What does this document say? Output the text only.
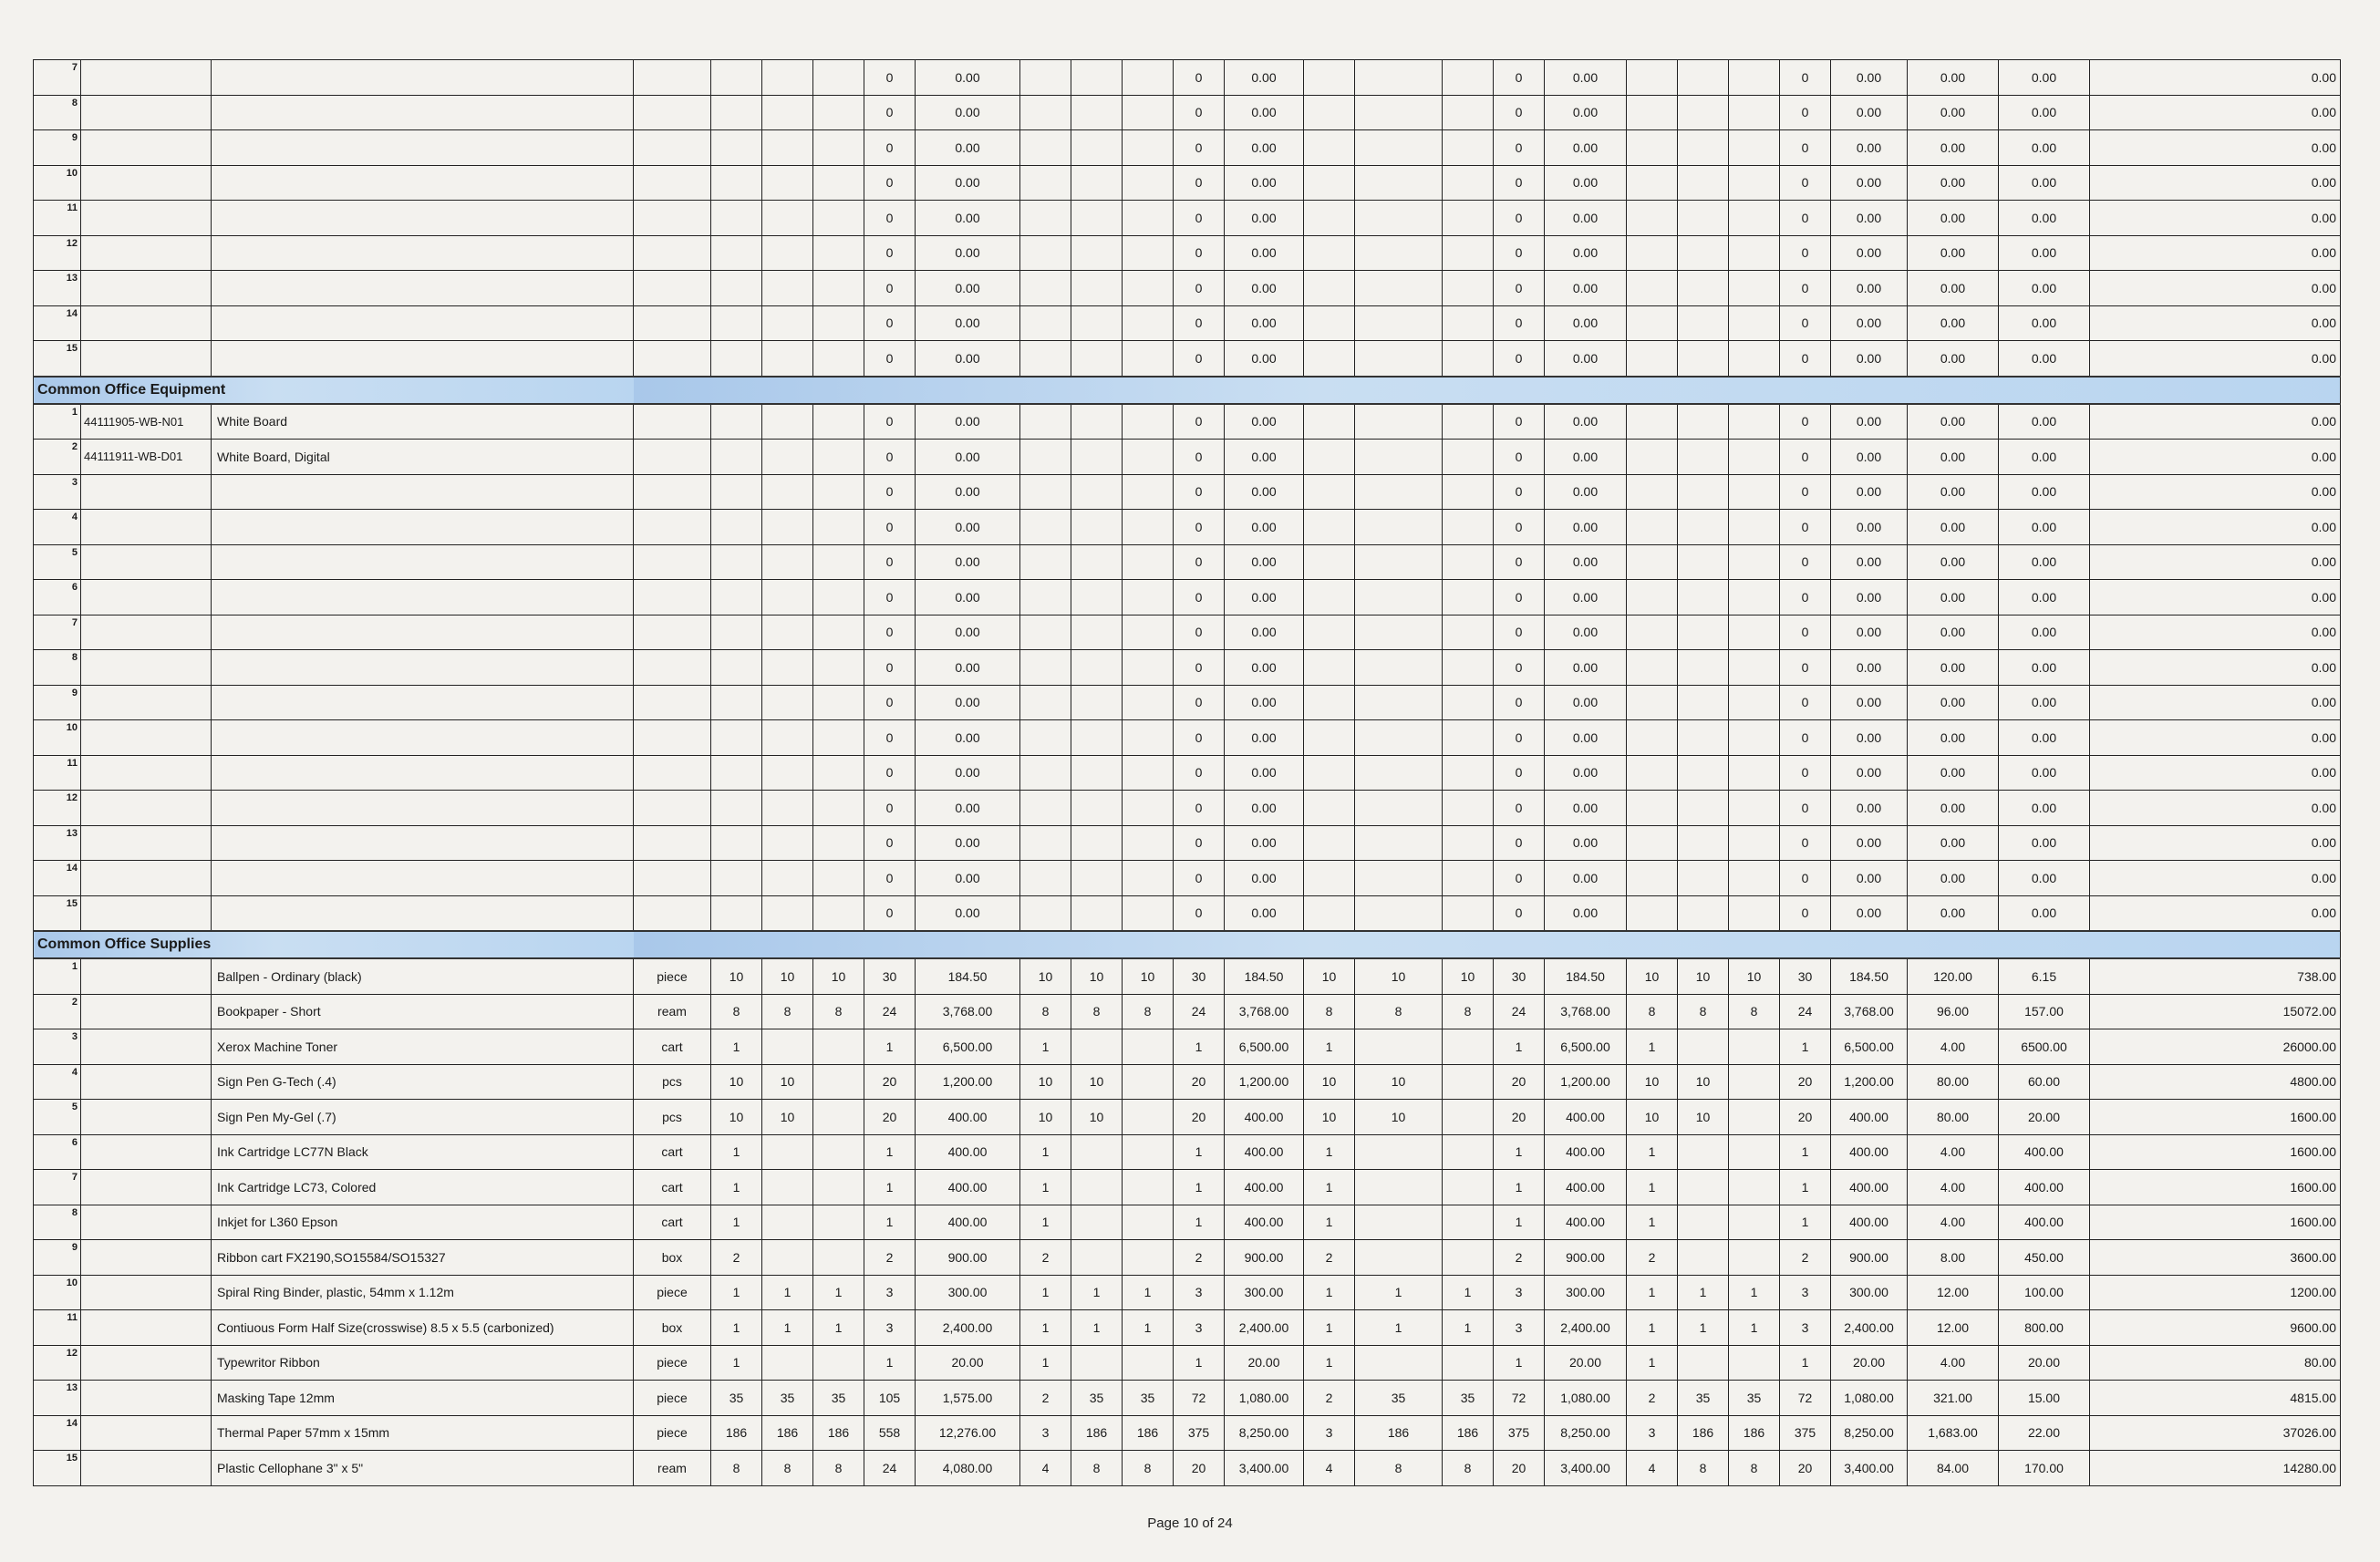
7							0	0.00				0	0.00				0	0.00				0	0.00	0.00	0.00	0.00
8							0	0.00				0	0.00				0	0.00				0	0.00	0.00	0.00	0.00
9							0	0.00				0	0.00				0	0.00				0	0.00	0.00	0.00	0.00
10							0	0.00				0	0.00				0	0.00				0	0.00	0.00	0.00	0.00
11							0	0.00				0	0.00				0	0.00				0	0.00	0.00	0.00	0.00
12							0	0.00				0	0.00				0	0.00				0	0.00	0.00	0.00	0.00
13							0	0.00				0	0.00				0	0.00				0	0.00	0.00	0.00	0.00
14							0	0.00				0	0.00				0	0.00				0	0.00	0.00	0.00	0.00
15							0	0.00				0	0.00				0	0.00				0	0.00	0.00	0.00	0.00
Common Office Equipment																										
1	44111905-WB-N01	White Board					0	0.00				0	0.00				0	0.00				0	0.00	0.00	0.00	0.00
2	44111911-WB-D01	White Board, Digital					0	0.00				0	0.00				0	0.00				0	0.00	0.00	0.00	0.00
3							0	0.00				0	0.00				0	0.00				0	0.00	0.00	0.00	0.00
4							0	0.00				0	0.00				0	0.00				0	0.00	0.00	0.00	0.00
5							0	0.00				0	0.00				0	0.00				0	0.00	0.00	0.00	0.00
6							0	0.00				0	0.00				0	0.00				0	0.00	0.00	0.00	0.00
7							0	0.00				0	0.00				0	0.00				0	0.00	0.00	0.00	0.00
8							0	0.00				0	0.00				0	0.00				0	0.00	0.00	0.00	0.00
9							0	0.00				0	0.00				0	0.00				0	0.00	0.00	0.00	0.00
10							0	0.00				0	0.00				0	0.00				0	0.00	0.00	0.00	0.00
11							0	0.00				0	0.00				0	0.00				0	0.00	0.00	0.00	0.00
12							0	0.00				0	0.00				0	0.00				0	0.00	0.00	0.00	0.00
13							0	0.00				0	0.00				0	0.00				0	0.00	0.00	0.00	0.00
14							0	0.00				0	0.00				0	0.00				0	0.00	0.00	0.00	0.00
15							0	0.00				0	0.00				0	0.00				0	0.00	0.00	0.00	0.00
Common Office Supplies																										
1		Ballpen - Ordinary (black)	piece	10	10	10	30	184.50	10	10	10	30	184.50	10	10	10	30	184.50	10	10	10	30	184.50	120.00	6.15	738.00
2		Bookpaper - Short	ream	8	8	8	24	3,768.00	8	8	8	24	3,768.00	8	8	8	24	3,768.00	8	8	8	24	3,768.00	96.00	157.00	15072.00
3		Xerox Machine Toner	cart	1			1	6,500.00	1			1	6,500.00	1			1	6,500.00	1			1	6,500.00	4.00	6500.00	26000.00
4		Sign Pen G-Tech (.4)	pcs	10	10		20	1,200.00	10	10		20	1,200.00	10	10		20	1,200.00	10	10		20	1,200.00	80.00	60.00	4800.00
5		Sign Pen My-Gel (.7)	pcs	10	10		20	400.00	10	10		20	400.00	10	10		20	400.00	10	10		20	400.00	80.00	20.00	1600.00
6		Ink Cartridge LC77N Black	cart	1			1	400.00	1			1	400.00	1			1	400.00	1			1	400.00	4.00	400.00	1600.00
7		Ink Cartridge LC73, Colored	cart	1			1	400.00	1			1	400.00	1			1	400.00	1			1	400.00	4.00	400.00	1600.00
8		Inkjet for L360 Epson	cart	1			1	400.00	1			1	400.00	1			1	400.00	1			1	400.00	4.00	400.00	1600.00
9		Ribbon cart FX2190,SO15584/SO15327	box	2			2	900.00	2			2	900.00	2			2	900.00	2			2	900.00	8.00	450.00	3600.00
10		Spiral Ring Binder, plastic, 54mm x 1.12m	piece	1	1	1	3	300.00	1	1	1	3	300.00	1	1	1	3	300.00	1	1	1	3	300.00	12.00	100.00	1200.00
11		Contiuous Form Half Size(crosswise) 8.5 x 5.5 (carbonized)	box	1	1	1	3	2,400.00	1	1	1	3	2,400.00	1	1	1	3	2,400.00	1	1	1	3	2,400.00	12.00	800.00	9600.00
12		Typewritor Ribbon	piece	1			1	20.00	1			1	20.00	1			1	20.00	1			1	20.00	4.00	20.00	80.00
13		Masking Tape 12mm	piece	35	35	35	105	1,575.00	2	35	35	72	1,080.00	2	35	35	72	1,080.00	2	35	35	72	1,080.00	321.00	15.00	4815.00
14		Thermal Paper 57mm x 15mm	piece	186	186	186	558	12,276.00	3	186	186	375	8,250.00	3	186	186	375	8,250.00	3	186	186	375	8,250.00	1,683.00	22.00	37026.00
15		Plastic Cellophane 3" x 5"	ream	8	8	8	24	4,080.00	4	8	8	20	3,400.00	4	8	8	20	3,400.00	4	8	8	20	3,400.00	84.00	170.00	14280.00
Page 10 of 24
